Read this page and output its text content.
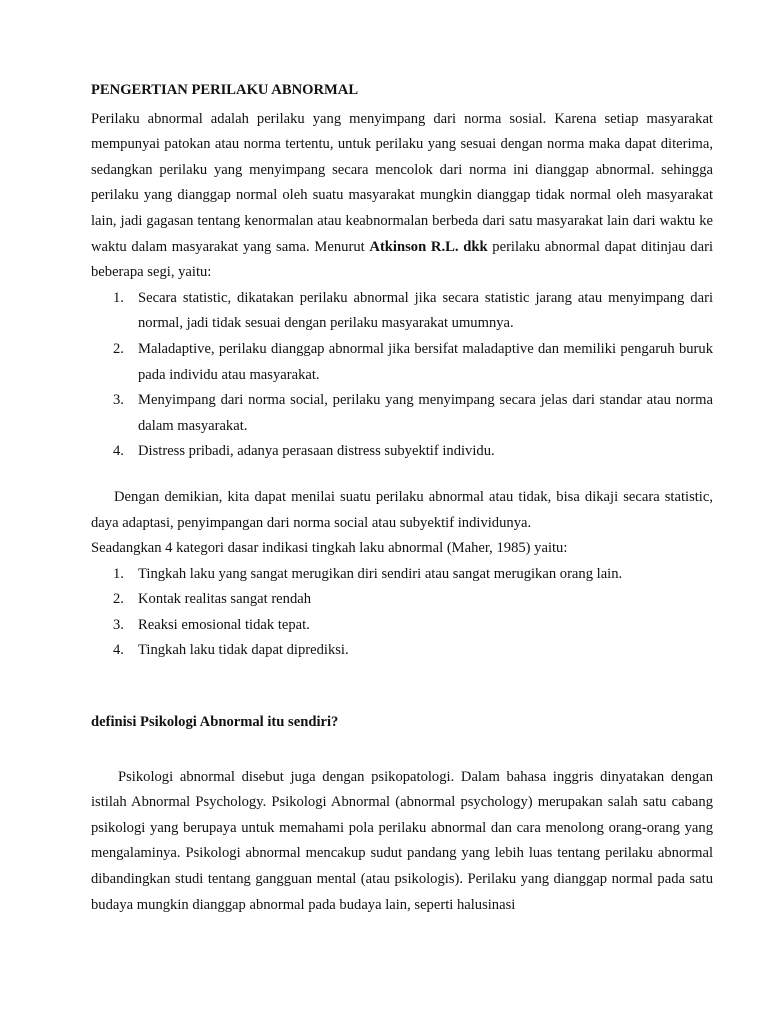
PENGERTIAN PERILAKU ABNORMAL

Perilaku abnormal adalah perilaku yang menyimpang dari norma sosial. Karena setiap masyarakat mempunyai patokan atau norma tertentu, untuk perilaku yang sesuai dengan norma maka dapat diterima, sedangkan perilaku yang menyimpang secara mencolok dari norma ini dianggap abnormal. sehingga perilaku yang dianggap normal oleh suatu masyarakat mungkin dianggap tidak normal oleh masyarakat lain, jadi gagasan tentang kenormalan atau keabnormalan berbeda dari satu masyarakat lain dari waktu ke waktu dalam masyarakat yang sama. Menurut Atkinson R.L. dkk perilaku abnormal dapat ditinjau dari beberapa segi, yaitu:

1. Secara statistic, dikatakan perilaku abnormal jika secara statistic jarang atau menyimpang dari normal, jadi tidak sesuai dengan perilaku masyarakat umumnya.
2. Maladaptive, perilaku dianggap abnormal jika bersifat maladaptive dan memiliki pengaruh buruk pada individu atau masyarakat.
3. Menyimpang dari norma social, perilaku yang menyimpang secara jelas dari standar atau norma dalam masyarakat.
4. Distress pribadi, adanya perasaan distress subyektif individu.

Dengan demikian, kita dapat menilai suatu perilaku abnormal atau tidak, bisa dikaji secara statistic, daya adaptasi, penyimpangan dari norma social atau subyektif individunya.

Seadangkan 4 kategori dasar indikasi tingkah laku abnormal (Maher, 1985) yaitu:

1. Tingkah laku yang sangat merugikan diri sendiri atau sangat merugikan orang lain.
2. Kontak realitas sangat rendah
3. Reaksi emosional tidak tepat.
4. Tingkah laku tidak dapat diprediksi.
definisi Psikologi Abnormal itu sendiri?

Psikologi abnormal disebut juga dengan psikopatologi. Dalam bahasa inggris dinyatakan dengan istilah Abnormal Psychology. Psikologi Abnormal (abnormal psychology) merupakan salah satu cabang psikologi yang berupaya untuk memahami pola perilaku abnormal dan cara menolong orang-orang yang mengalaminya. Psikologi abnormal mencakup sudut pandang yang lebih luas tentang perilaku abnormal dibandingkan studi tentang gangguan mental (atau psikologis). Perilaku yang dianggap normal pada satu budaya mungkin dianggap abnormal pada budaya lain, seperti halusinasi
